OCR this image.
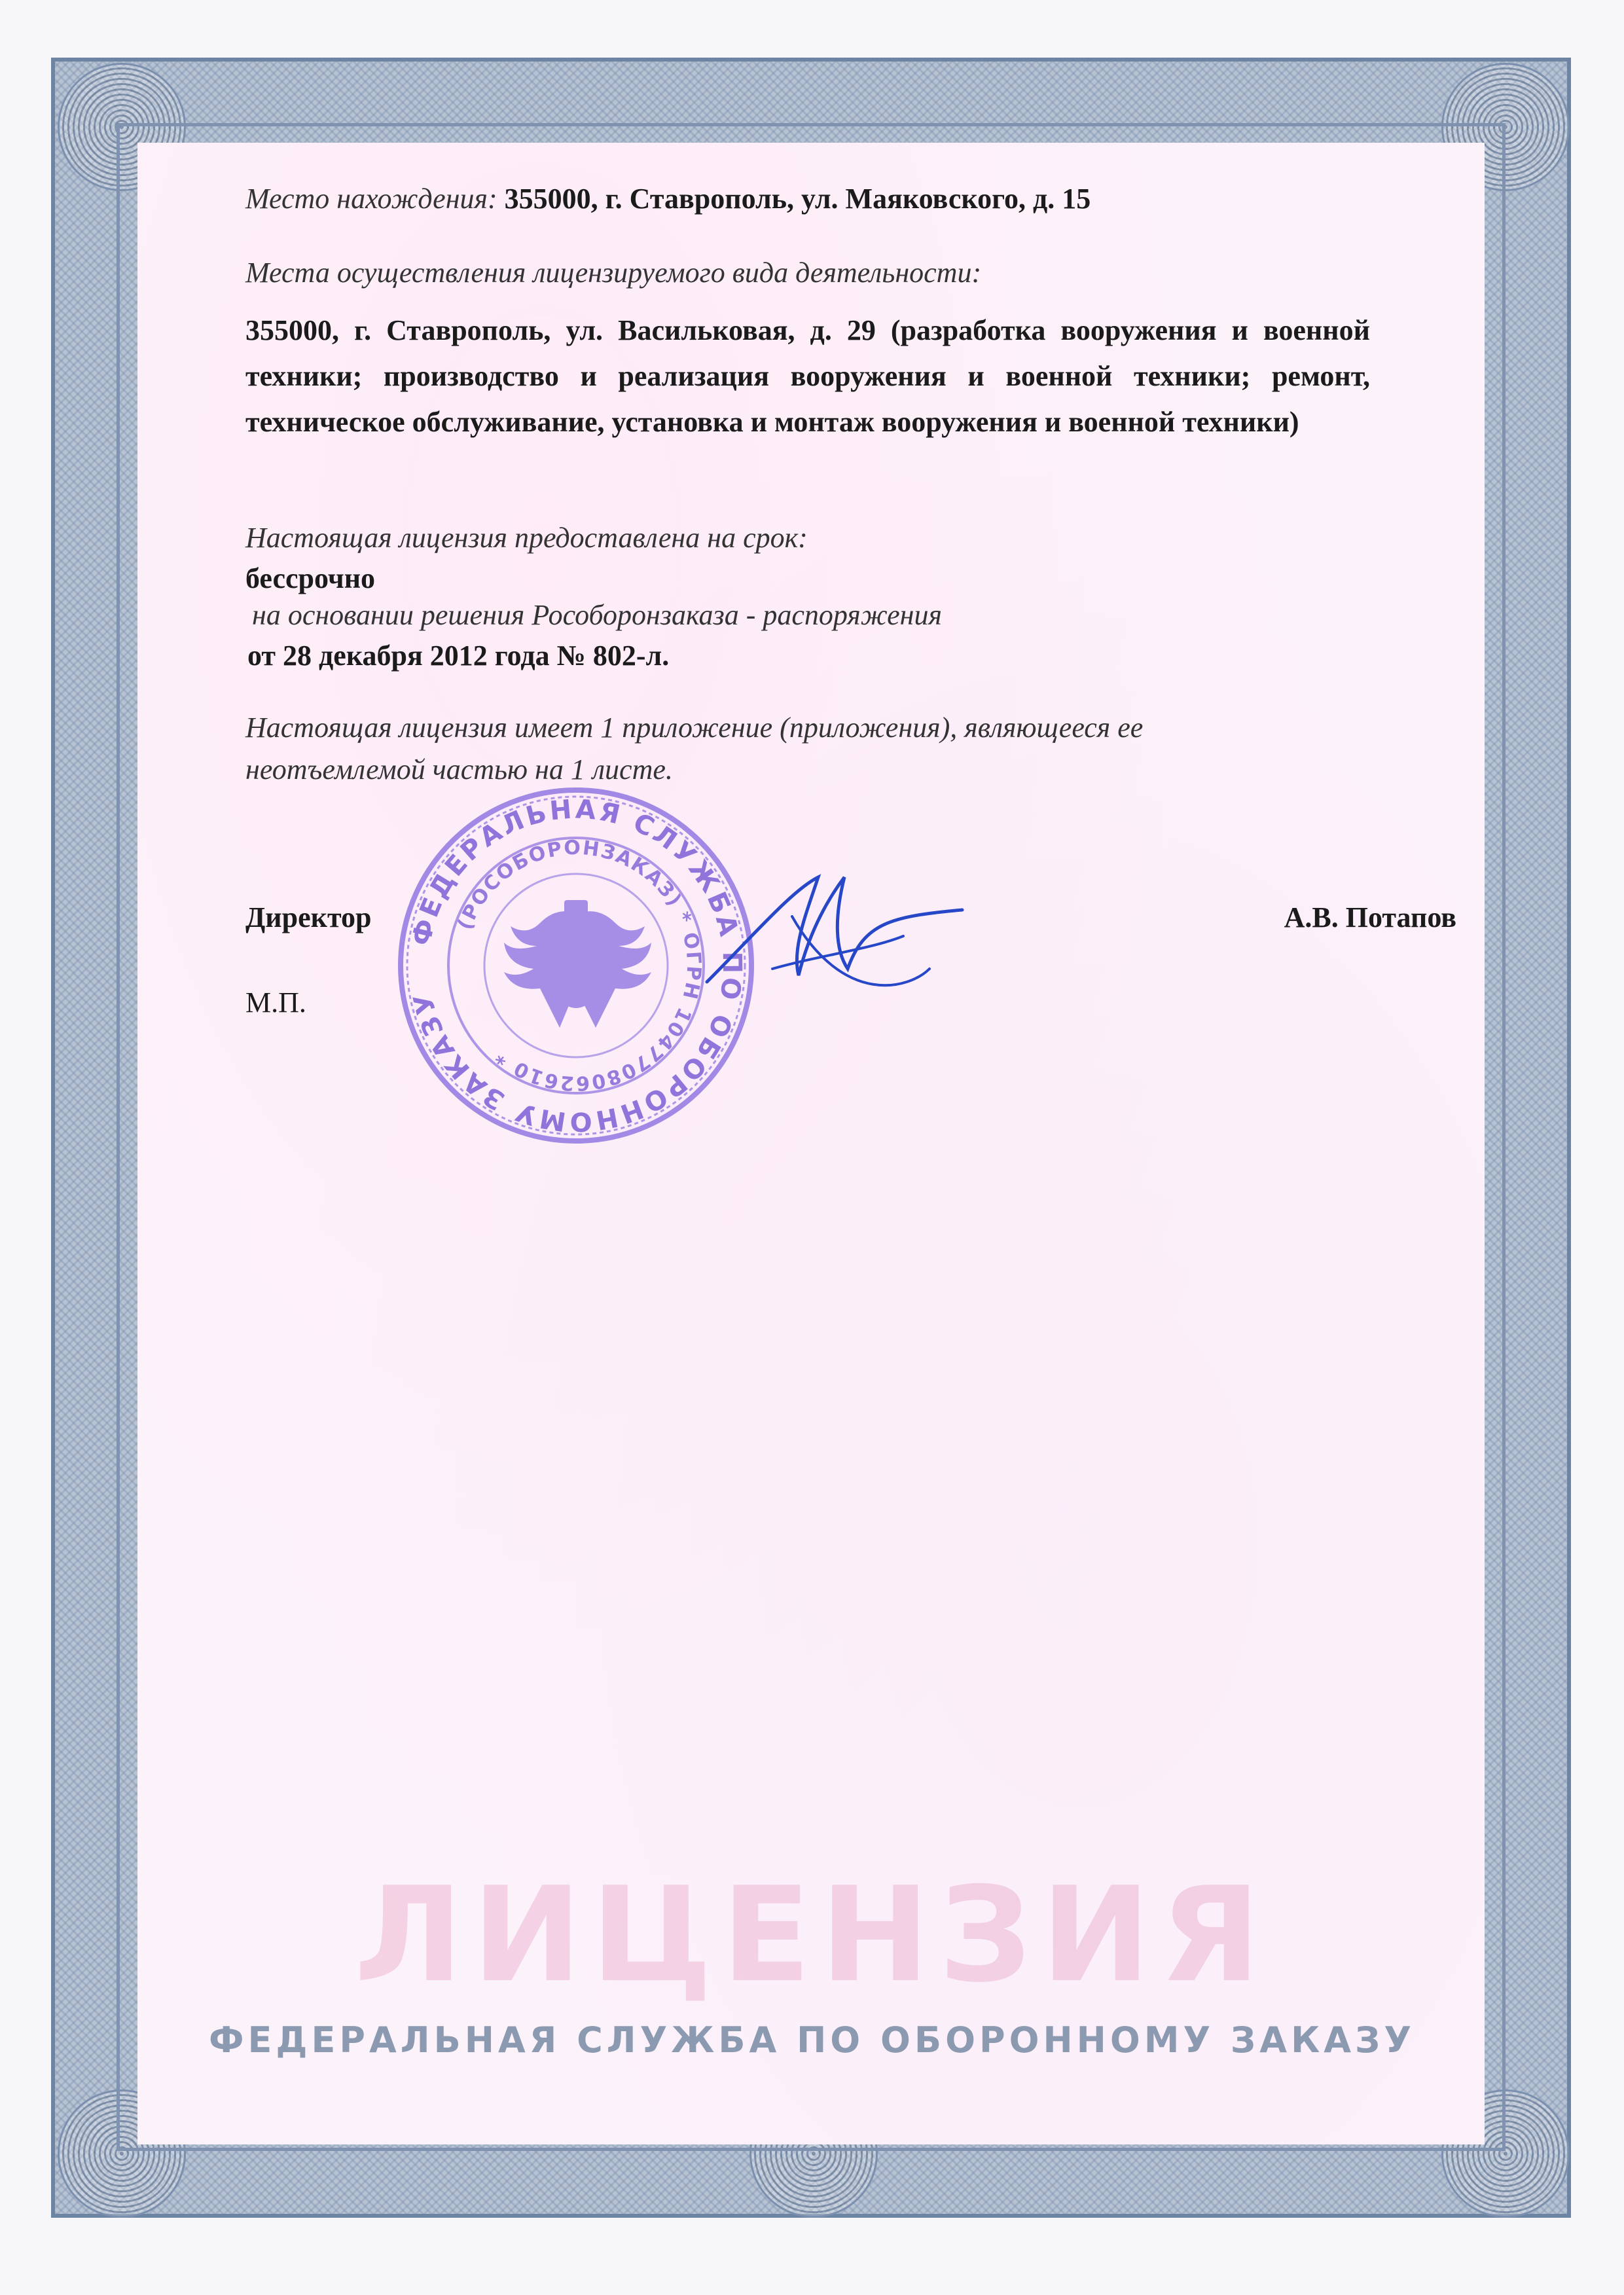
Место нахождения: 355000, г. Ставрополь, ул. Маяковского, д. 15
Места осуществления лицензируемого вида деятельности:
355000, г. Ставрополь, ул. Васильковая, д. 29 (разработка вооружения и военной техники; производство и реализация вооружения и военной техники; ремонт, техническое обслуживание, установка и монтаж вооружения и военной техники)
Настоящая лицензия предоставлена на срок:
бессрочно
на основании решения Рособоронзаказа - распоряжения
от 28 декабря 2012 года № 802-л.
Настоящая лицензия имеет 1 приложение (приложения), являющееся ее неотъемлемой частью на 1 листе.
ФЕДЕРАЛЬНАЯ СЛУЖБА ПО ОБОРОННОМУ ЗАКАЗУ
(РОСОБОРОНЗАКАЗ) * ОГРН 1047708062610 *
Директор	А.В. Потапов
М.П.
ЛИЦЕНЗИЯ
ФЕДЕРАЛЬНАЯ СЛУЖБА ПО ОБОРОННОМУ ЗАКАЗУ
